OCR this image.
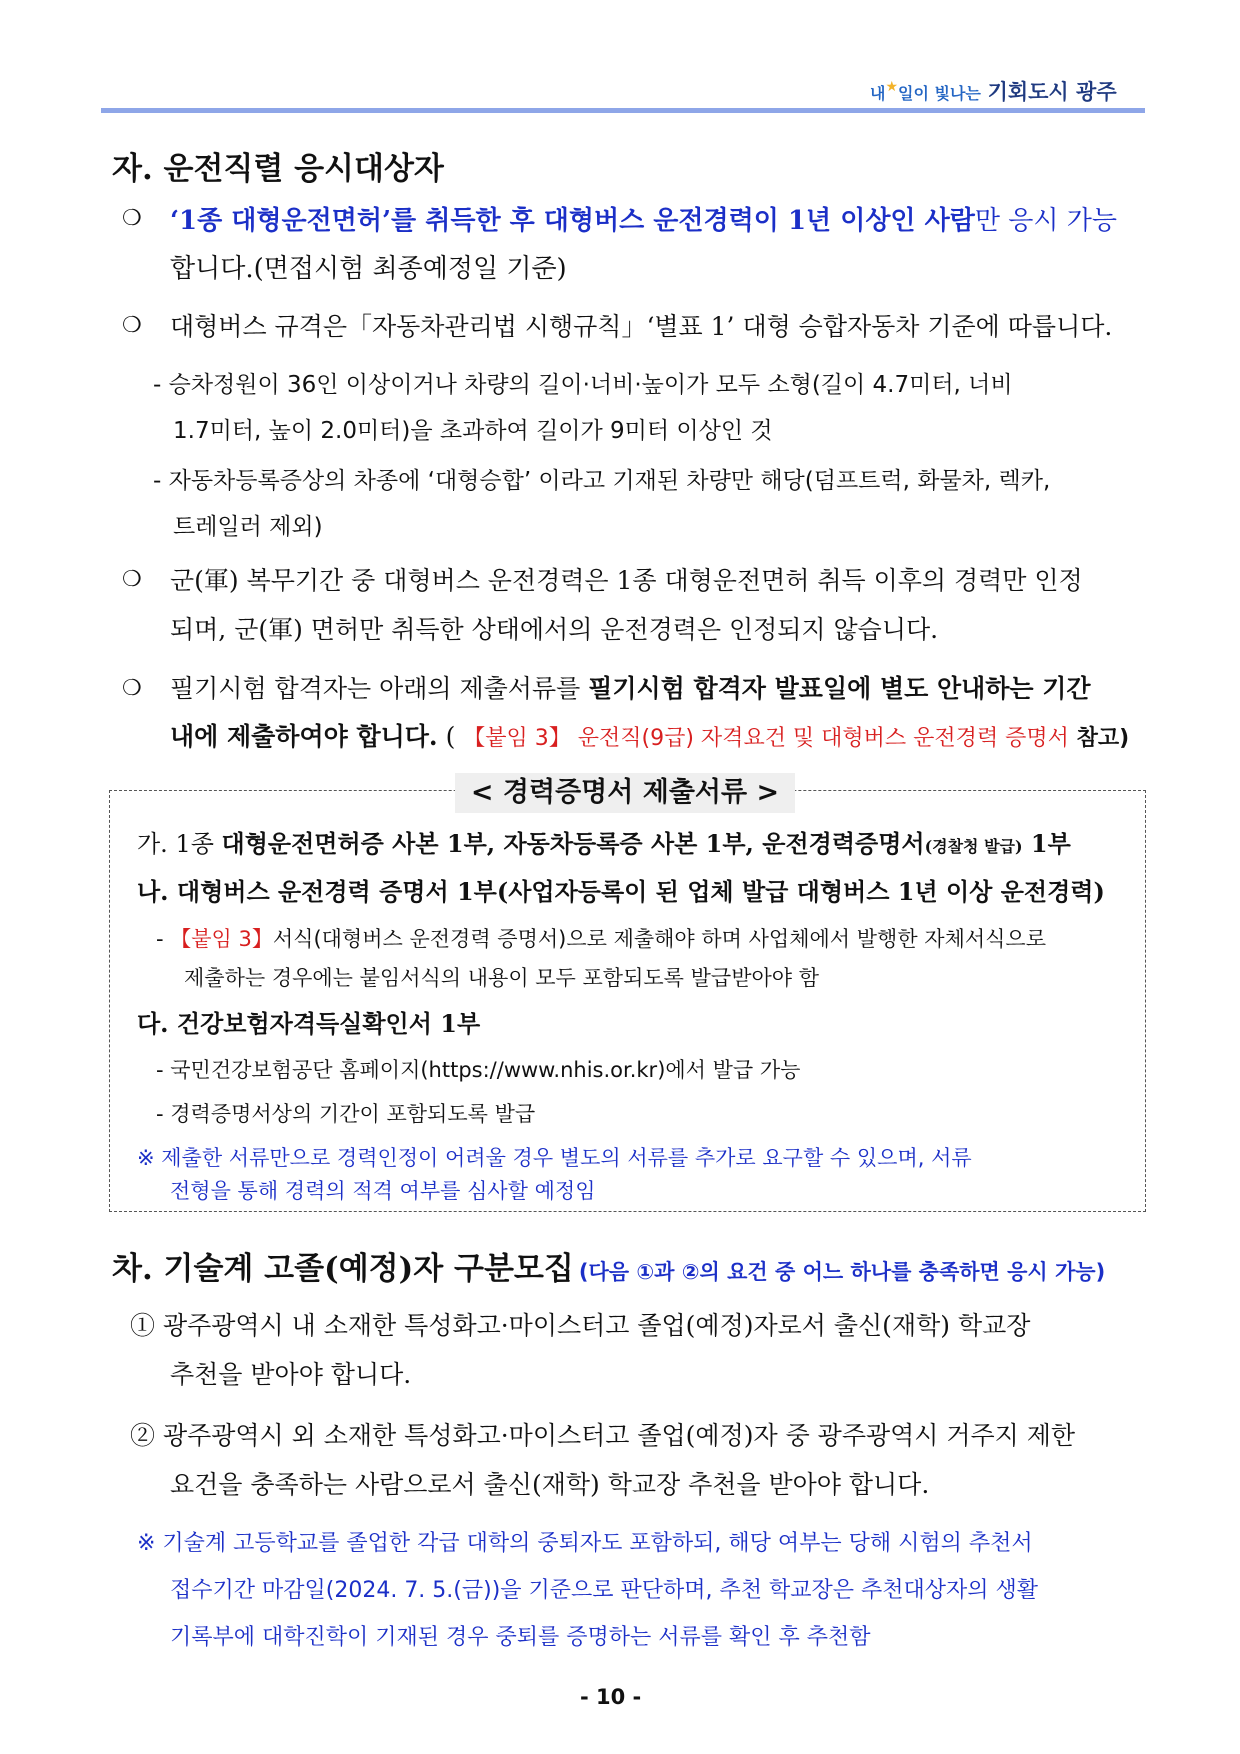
내★일이 빛나는 기회도시 광주
자. 운전직렬 응시대상자
❍ ‘1종 대형운전면허’를 취득한 후 대형버스 운전경력이 1년 이상인 사람만 응시 가능
합니다.(면접시험 최종예정일 기준)
❍ 대형버스 규격은「자동차관리법 시행규칙」‘별표 1’ 대형 승합자동차 기준에 따릅니다.
- 승차정원이 36인 이상이거나 차량의 길이·너비·높이가 모두 소형(길이 4.7미터, 너비
1.7미터, 높이 2.0미터)을 초과하여 길이가 9미터 이상인 것
- 자동차등록증상의 차종에 ‘대형승합’ 이라고 기재된 차량만 해당(덤프트럭, 화물차, 렉카,
트레일러 제외)
❍ 군(軍) 복무기간 중 대형버스 운전경력은 1종 대형운전면허 취득 이후의 경력만 인정
되며, 군(軍) 면허만 취득한 상태에서의 운전경력은 인정되지 않습니다.
❍ 필기시험 합격자는 아래의 제출서류를 필기시험 합격자 발표일에 별도 안내하는 기간
내에 제출하여야 합니다. ( 【붙임 3】 운전직(9급) 자격요건 및 대형버스 운전경력 증명서 참고)
< 경력증명서 제출서류 >
가. 1종 대형운전면허증 사본 1부, 자동차등록증 사본 1부, 운전경력증명서(경찰청 발급) 1부
나. 대형버스 운전경력 증명서 1부(사업자등록이 된 업체 발급 대형버스 1년 이상 운전경력)
- 【붙임 3】서식(대형버스 운전경력 증명서)으로 제출해야 하며 사업체에서 발행한 자체서식으로
제출하는 경우에는 붙임서식의 내용이 모두 포함되도록 발급받아야 함
다. 건강보험자격득실확인서 1부
- 국민건강보험공단 홈페이지(https://www.nhis.or.kr)에서 발급 가능
- 경력증명서상의 기간이 포함되도록 발급
※ 제출한 서류만으로 경력인정이 어려울 경우 별도의 서류를 추가로 요구할 수 있으며, 서류
전형을 통해 경력의 적격 여부를 심사할 예정임
차. 기술계 고졸(예정)자 구분모집 (다음 ①과 ②의 요건 중 어느 하나를 충족하면 응시 가능)
① 광주광역시 내 소재한 특성화고·마이스터고 졸업(예정)자로서 출신(재학) 학교장
추천을 받아야 합니다.
② 광주광역시 외 소재한 특성화고·마이스터고 졸업(예정)자 중 광주광역시 거주지 제한
요건을 충족하는 사람으로서 출신(재학) 학교장 추천을 받아야 합니다.
※ 기술계 고등학교를 졸업한 각급 대학의 중퇴자도 포함하되, 해당 여부는 당해 시험의 추천서
접수기간 마감일(2024. 7. 5.(금))을 기준으로 판단하며, 추천 학교장은 추천대상자의 생활
기록부에 대학진학이 기재된 경우 중퇴를 증명하는 서류를 확인 후 추천함
- 10 -
